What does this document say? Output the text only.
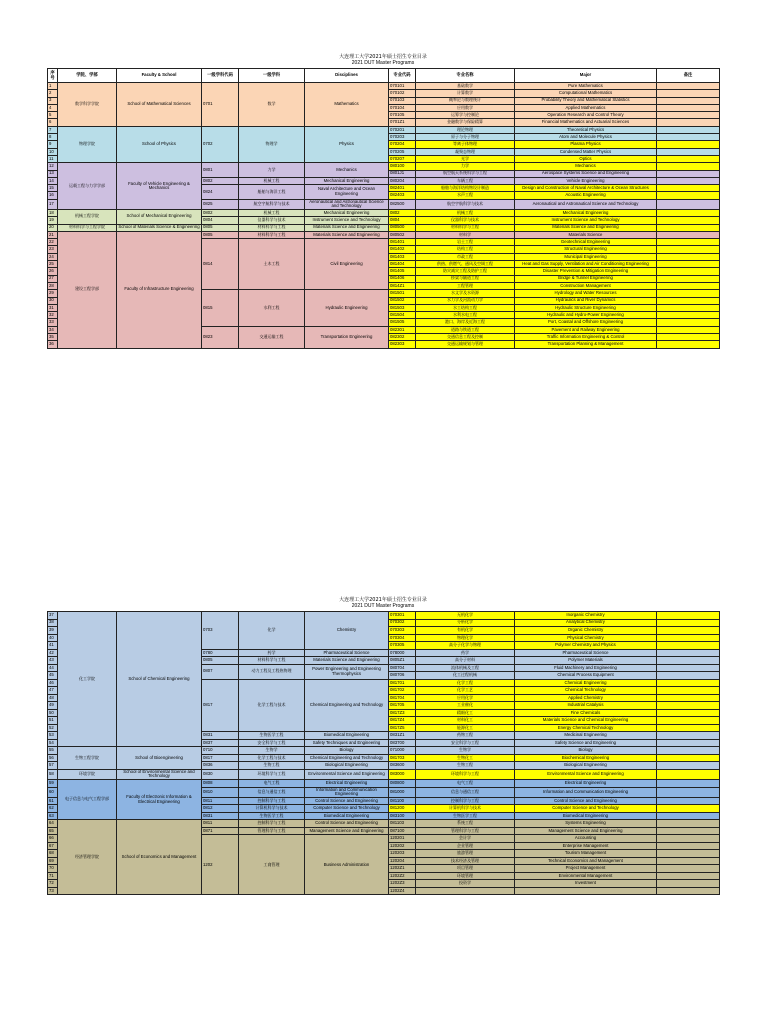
大连理工大学2021年硕士招生专业目录
2021 DUT Master Programs
序号	学院、学部	Faculty & School	一级学科代码	一级学科	Disciplines	专业代码	专业名称	Major	备注
1	数学科学学院	School of Mathematical Sciences	0701	数学	Mathematics	070101	基础数学	Pure Mathematics	
2						070102	计算数学	Computational Mathematics	
3						070103	概率论与数理统计	Probability Theory and Mathematical Statistics	
4						070104	应用数学	Applied Mathematics	
5						070105	运筹学与控制论	Operation Research and Control Theory	
6						0701Z1	金融数学与保险精算	Financial Mathematics and Actuarial Sciences	
7	物理学院	School of Physics	0702	物理学	Physics	070201	理论物理	Theoretical Physics	
8						070203	原子与分子物理	Atom and Molecule Physics	
9						070204	等离子体物理	Plasma Physics	
10						070205	凝聚态物理	Condensed Matter Physics	
11						070207	光学	Optics	
12	运载工程与力学学部	Faculty of Vehicle Engineering & Mechanics	0801	力学	Mechanics	080100	力学	Mechanics	
13						0801J1	航空航天系统科学与工程	Aerospace Systems Science and Engineering	
14			0802	机械工程	Mechanical Engineering	080204	车辆工程	Vehicle Engineering	
15			0824	船舶与海洋工程	Naval Architecture and Ocean Engineering	082401	船舶与海洋结构物设计制造	Design and Construction of Naval Architecture & Ocean Structures	
16						082403	水声工程	Acoustic Engineering	
17			0825	航空宇航科学与技术	Aeronautical and Astronautical Science and Technology	082500	航空宇航科学与技术	Aeronautical and Astronautical Science and Technology	
18	机械工程学院	School of Mechanical Engineering	0802	机械工程	Mechanical Engineering	0802	机械工程	Mechanical Engineering	
19			0804	仪器科学与技术	Instrument Science and Technology	0804	仪器科学与技术	Instrument Science and Technology	
20	材料科学与工程学院	School of Materials Science & Engineering	0805	材料科学与工程	Materials Science and Engineering	080500	材料科学与工程	Materials Science and Engineering	
21	建设工程学部	Faculty of Infrastructure Engineering	0805	材料科学与工程	Materials Science and Engineering	080502	材料学	Materials Science	
22			0814	土木工程	Civil Engineering	081401	岩土工程	Geotechnical Engineering	
23						081402	结构工程	Structural Engineering	
24						081403	市政工程	Municipal Engineering	
25						081404	供热、供燃气、通风及空调工程	Heat and Gas Supply, Ventilation and Air Conditioning Engineering	
26						081405	防灾减灾工程及防护工程	Disaster Prevention & Mitigation Engineering	
27						081406	桥梁与隧道工程	Bridge & Tunnel Engineering	
28						0814Z1	工程管理	Construction Management	
29			0815	水利工程	Hydraulic Engineering	081501	水文学及水资源	Hydrology and Water Resources	
30						081502	水力学及河流动力学	Hydraulics and River Dynamics	
31						081503	水工结构工程	Hydraulic Structure Engineering	
32						081504	水利水电工程	Hydraulic and Hydro-Power Engineering	
33						081505	港口、海岸及近海工程	Port, Coastal and Offshore Engineering	
34			0823	交通运输工程	Transportation Engineering	082301	道路与铁道工程	Pavement and Railway Engineering	
35						082302	交通信息工程及控制	Traffic Information Engineering & Control	
36						082303	交通运输规划与管理	Transportation Planning & Management	
大连理工大学2021年硕士招生专业目录
2021 DUT Master Programs
37	化工学院	School of Chemical Engineering	0703	化学	Chemistry	070301	无机化学	Inorganic Chemistry	
38						070302	分析化学	Analytical Chemistry	
39						070303	有机化学	Organic Chemistry	
40						070304	物理化学	Physical Chemistry	
41						070305	高分子化学与物理	Polymer Chemistry and Physics	
42			0780	药学	Pharmaceutical Science	078000	药学	Pharmaceutical Science	
43			0805	材料科学与工程	Materials Science and Engineering	0805Z1	高分子材料	Polymer Materials	
44			0807	动力工程及工程热物理	Power Engineering and Engineering Thermophysics	080704	流体机械及工程	Fluid Machinery and Engineering	
45						080706	化工过程机械	Chemical Process Equipment	
46			0817	化学工程与技术	Chemical Engineering and Technology	081701	化学工程	Chemical Engineering	
47						081702	化学工艺	Chemical Technology	
48						081704	应用化学	Applied Chemistry	
49						081705	工业催化	Industrial Catalysis	
50						0817Z3	精细化工	Fine Chemicals	
51						0817Z4	材料化工	Materials Science and Chemical Engineering	
52						0817Z5	能源化工	Energy Chemical Technology	
53			0831	生物医学工程	Biomedical Engineering	0831Z1	药物工程	Medicinal Engineering	
54			0837	安全科学与工程	Safety Techniques and Engineering	083700	安全科学与工程	Safety Science and Engineering	
55	生物工程学院	School of Bioengineering	0710	生物学	Biology	071000	生物学	Biology	
56			0817	化学工程与技术	Chemical Engineering and Technology	081703	生物化工	Biochemical Engineering	
57			0836	生物工程	Biological Engineering	083600	生物工程	Biological Engineering	
58	环境学院	School of Environmental Science and Technology	0830	环境科学与工程	Environmental Science and Engineering	083000	环境科学与工程	Environmental Science and Engineering	
59	电子信息与电气工程学部	Faculty of Electronic Information & Electrical Engineering	0808	电气工程	Electrical Engineering	080800	电气工程	Electrical Engineering	
60			0810	信息与通信工程	Information and Communication Engineering	081000	信息与通信工程	Information and Communication Engineering	
61			0811	控制科学与工程	Control Science and Engineering	081100	控制科学与工程	Control Science and Engineering	
62			0812	计算机科学与技术	Computer Science and Technology	081200	计算机科学与技术	Computer Science and Technology	
63			0831	生物医学工程	Biomedical Engineering	083100	生物医学工程	Biomedical Engineering	
64	经济管理学院	School of Economics and Management	0811	控制科学与工程	Control Science and Engineering	081103	系统工程	Systems Engineering	
65			0871	管理科学与工程	Management Science and Engineering	087100	管理科学与工程	Management Science and Engineering	
66			1202	工商管理	Business Administration	120201	会计学	Accounting	
67						120202	企业管理	Enterprise Management	
68						120203	旅游管理	Tourism Management	
69						120204	技术经济及管理	Technical Economics and Management	
70						1202Z1	项目管理	Project Management	
71						1202Z2	环境管理	Environmental Management	
72						1202Z3	投资学	Investment	
73						1202Z4			
